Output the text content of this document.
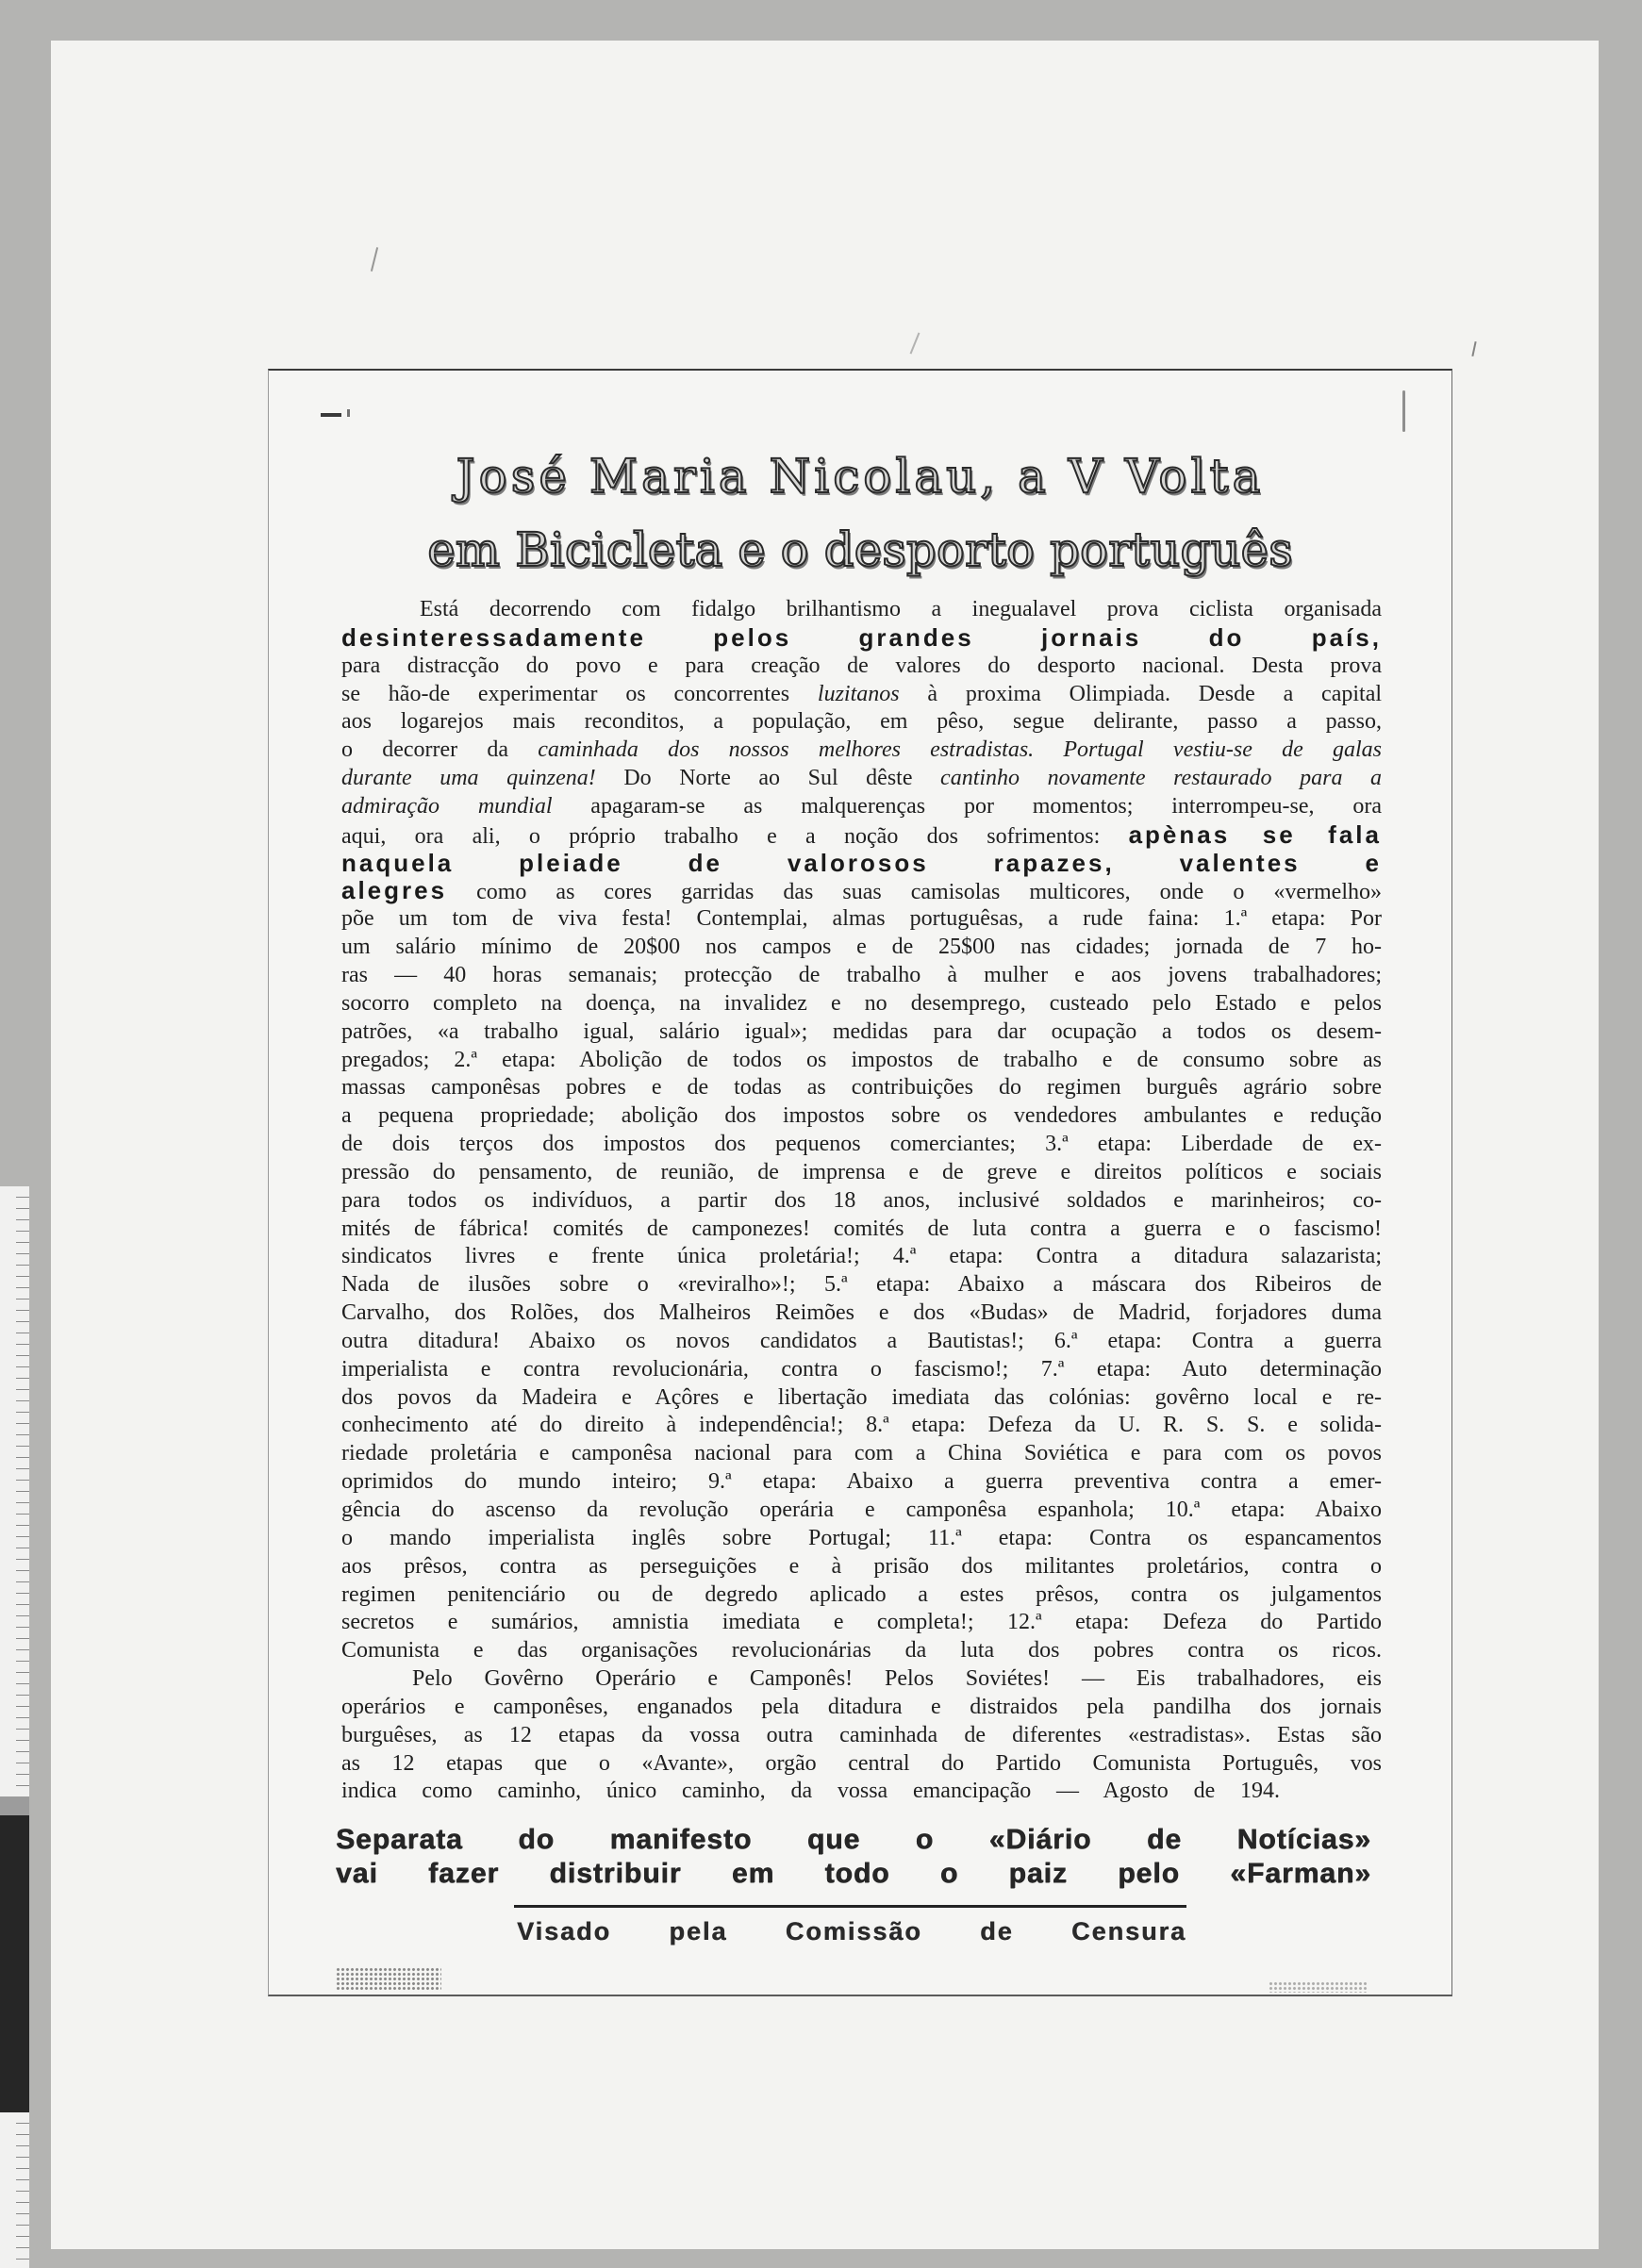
José Maria Nicolau, a V Volta
em Bicicleta e o desporto português
Está decorrendo com fidalgo brilhantismo a inegualavel prova ciclista organisada
desinteressadamente pelos grandes jornais do país,
para distracção do povo e para creação de valores do desporto nacional. Desta prova
se hão-de experimentar os concorrentes luzitanos à proxima Olimpiada. Desde a capital
aos logarejos mais reconditos, a população, em pêso, segue delirante, passo a passo,
o decorrer da caminhada dos nossos melhores estradistas. Portugal vestiu-se de galas
durante uma quinzena! Do Norte ao Sul dêste cantinho novamente restaurado para a
admiração mundial apagaram-se as malquerenças por momentos; interrompeu-se, ora
aqui, ora ali, o próprio trabalho e a noção dos sofrimentos: apènas se fala
naquela pleiade de valorosos rapazes, valentes e
alegres como as cores garridas das suas camisolas multicores, onde o «vermelho»
põe um tom de viva festa! Contemplai, almas portuguêsas, a rude faina: 1.ª etapa: Por
um salário mínimo de 20$00 nos campos e de 25$00 nas cidades; jornada de 7 ho-
ras — 40 horas semanais; protecção de trabalho à mulher e aos jovens trabalhadores;
socorro completo na doença, na invalidez e no desemprego, custeado pelo Estado e pelos
patrões, «a trabalho igual, salário igual»; medidas para dar ocupação a todos os desem-
pregados; 2.ª etapa: Abolição de todos os impostos de trabalho e de consumo sobre as
massas camponêsas pobres e de todas as contribuições do regimen burguês agrário sobre
a pequena propriedade; abolição dos impostos sobre os vendedores ambulantes e redução
de dois terços dos impostos dos pequenos comerciantes; 3.ª etapa: Liberdade de ex-
pressão do pensamento, de reunião, de imprensa e de greve e direitos políticos e sociais
para todos os indivíduos, a partir dos 18 anos, inclusivé soldados e marinheiros; co-
mités de fábrica! comités de camponezes! comités de luta contra a guerra e o fascismo!
sindicatos livres e frente única proletária!; 4.ª etapa: Contra a ditadura salazarista;
Nada de ilusões sobre o «reviralho»!; 5.ª etapa: Abaixo a máscara dos Ribeiros de
Carvalho, dos Rolões, dos Malheiros Reimões e dos «Budas» de Madrid, forjadores duma
outra ditadura! Abaixo os novos candidatos a Bautistas!; 6.ª etapa: Contra a guerra
imperialista e contra revolucionária, contra o fascismo!; 7.ª etapa: Auto determinação
dos povos da Madeira e Açôres e libertação imediata das colónias: govêrno local e re-
conhecimento até do direito à independência!; 8.ª etapa: Defeza da U. R. S. S. e solida-
riedade proletária e camponêsa nacional para com a China Soviética e para com os povos
oprimidos do mundo inteiro; 9.ª etapa: Abaixo a guerra preventiva contra a emer-
gência do ascenso da revolução operária e camponêsa espanhola; 10.ª etapa: Abaixo
o mando imperialista inglês sobre Portugal; 11.ª etapa: Contra os espancamentos
aos prêsos, contra as perseguições e à prisão dos militantes proletários, contra o
regimen penitenciário ou de degredo aplicado a estes prêsos, contra os julgamentos
secretos e sumários, amnistia imediata e completa!; 12.ª etapa: Defeza do Partido
Comunista e das organisações revolucionárias da luta dos pobres contra os ricos.
Pelo Govêrno Operário e Camponês! Pelos Soviétes! — Eis trabalhadores, eis
operários e camponêses, enganados pela ditadura e distraidos pela pandilha dos jornais
burguêses, as 12 etapas da vossa outra caminhada de diferentes «estradistas». Estas são
as 12 etapas que o «Avante», orgão central do Partido Comunista Português, vos
indica como caminho, único caminho, da vossa emancipação — Agosto de 194.
Separata do manifesto que o «Diário de Notícias»
vai fazer distribuir em todo o paiz pelo «Farman»
Visado pela Comissão de Censura
